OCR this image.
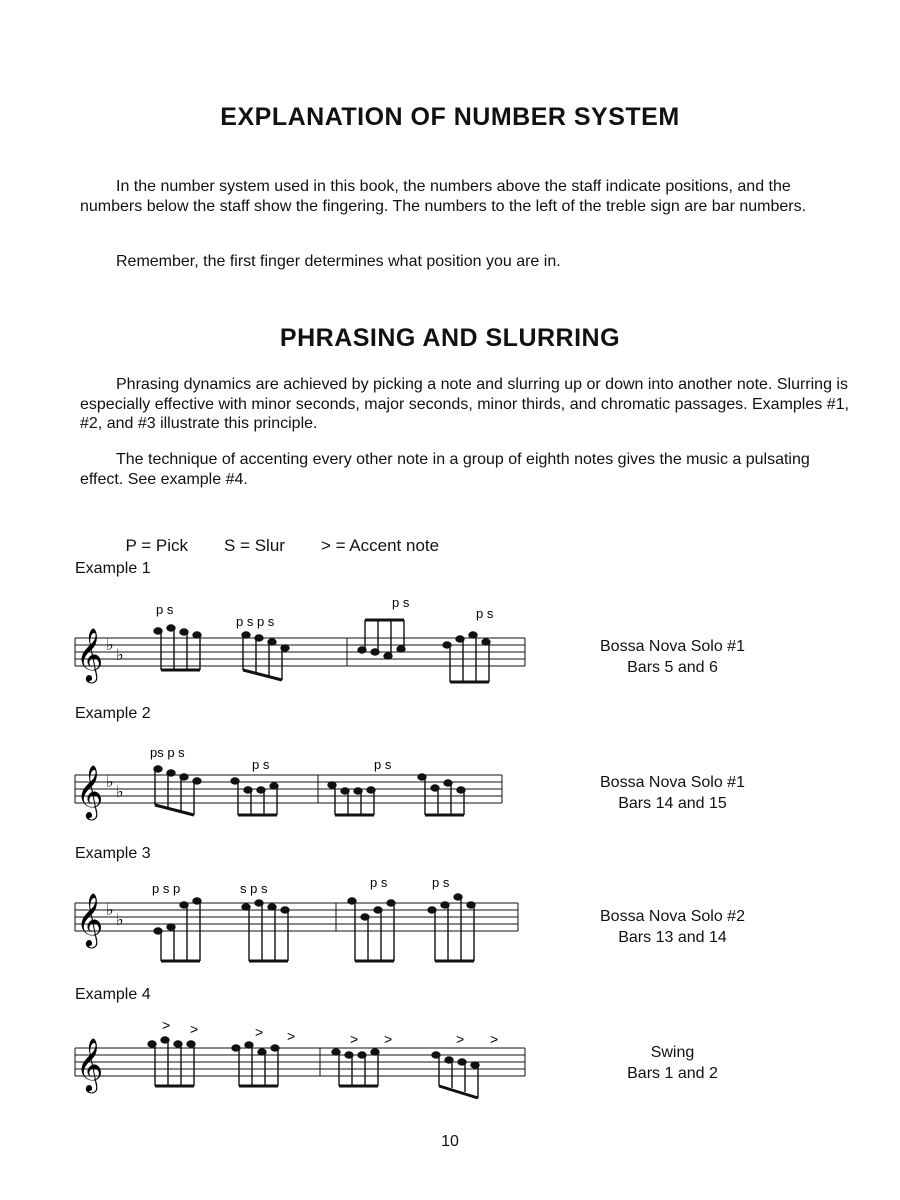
EXPLANATION OF NUMBER SYSTEM

In the number system used in this book, the numbers above the staff indicate positions, and the numbers below the staff show the fingering. The numbers to the left of the treble sign are bar numbers.

Remember, the first finger determines what position you are in.

PHRASING AND SLURRING

Phrasing dynamics are achieved by picking a note and slurring up or down into another note. Slurring is especially effective with minor seconds, major seconds, minor thirds, and chromatic passages. Examples #1, #2, and #3 illustrate this principle.

The technique of accenting every other note in a group of eighth notes gives the music a pulsating effect. See example #4.

P = Pick S = Slur > = Accent note

Example 1
Example 2
Example 3
Example 4
𝄞 ♭
♭
p s
p s p s
p s
p s
𝄞 ♭
♭
ps p s
p s	p s
𝄞 ♭
♭
p s p	s p s	p s	p s
𝄞
> >	> >	> >	> >
Bossa Nova Solo #1
Bars 5 and 6
Bossa Nova Solo #1
Bars 14 and 15
Bossa Nova Solo #2
Bars 13 and 14
Swing
Bars 1 and 2
10
